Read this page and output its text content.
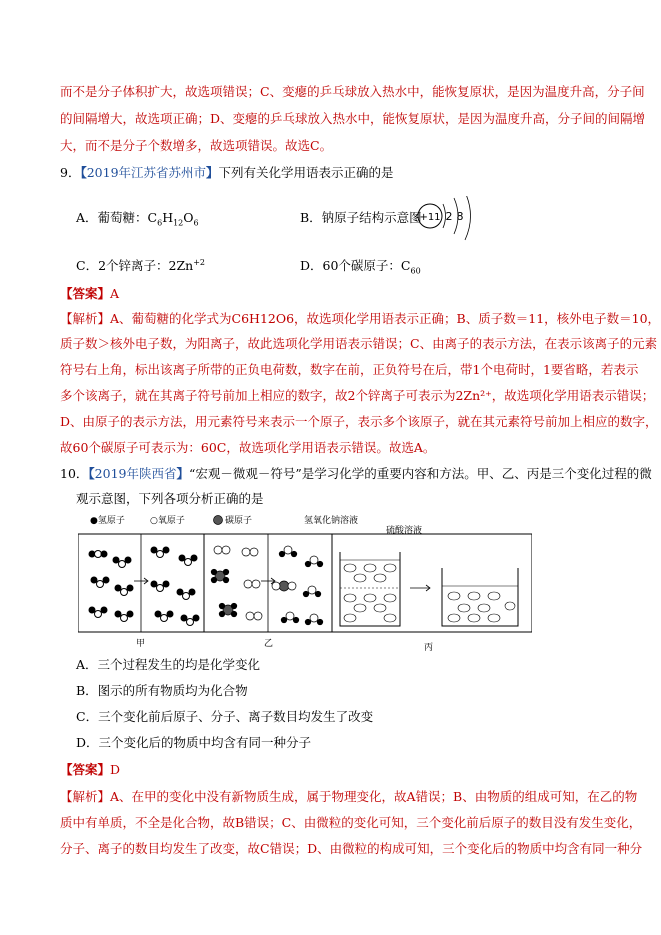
而不是分子体积扩大，故选项错误；C、变瘪的乒乓球放入热水中，能恢复原状，是因为温度升高，分子间
的间隔增大，故选项正确；D、变瘪的乒乓球放入热水中，能恢复原状，是因为温度升高，分子间的间隔增
大，而不是分子个数增多，故选项错误。故选C。
9．【2019年江苏省苏州市】下列有关化学用语表示正确的是
A．葡萄糖：$C_6H_{12}O_6$	B．钠原子结构示意图
+11 2 8
C．2个锌离子：$2Zn^{+2}$	D．60个碳原子：$C_{60}$
【答案】A
【解析】A、葡萄糖的化学式为C6H12O6，故选项化学用语表示正确；B、质子数＝11，核外电子数＝10，
质子数＞核外电子数，为阳离子，故此选项化学用语表示错误；C、由离子的表示方法，在表示该离子的元素
符号右上角，标出该离子所带的正负电荷数，数字在前，正负符号在后，带1个电荷时，1要省略，若表示
多个该离子，就在其离子符号前加上相应的数字，故2个锌离子可表示为2Zn²⁺，故选项化学用语表示错误；
D、由原子的表示方法，用元素符号来表示一个原子，表示多个该原子，就在其元素符号前加上相应的数字，
故60个碳原子可表示为：60C，故选项化学用语表示错误。故选A。
10．【2019年陕西省】“宏观－微观－符号”是学习化学的重要内容和方法。甲、乙、丙是三个变化过程的微
观示意图，下列各项分析正确的是
●氢原子	○氧原子	碳原子	氢氧化钠溶液
硫酸溶液
甲	乙	丙
A．三个过程发生的均是化学变化
B．图示的所有物质均为化合物
C．三个变化前后原子、分子、离子数目均发生了改变
D．三个变化后的物质中均含有同一种分子
【答案】D
【解析】A、在甲的变化中没有新物质生成，属于物理变化，故A错误；B、由物质的组成可知，在乙的物
质中有单质，不全是化合物，故B错误；C、由微粒的变化可知，三个变化前后原子的数目没有发生变化，
分子、离子的数目均发生了改变，故C错误；D、由微粒的构成可知，三个变化后的物质中均含有同一种分
